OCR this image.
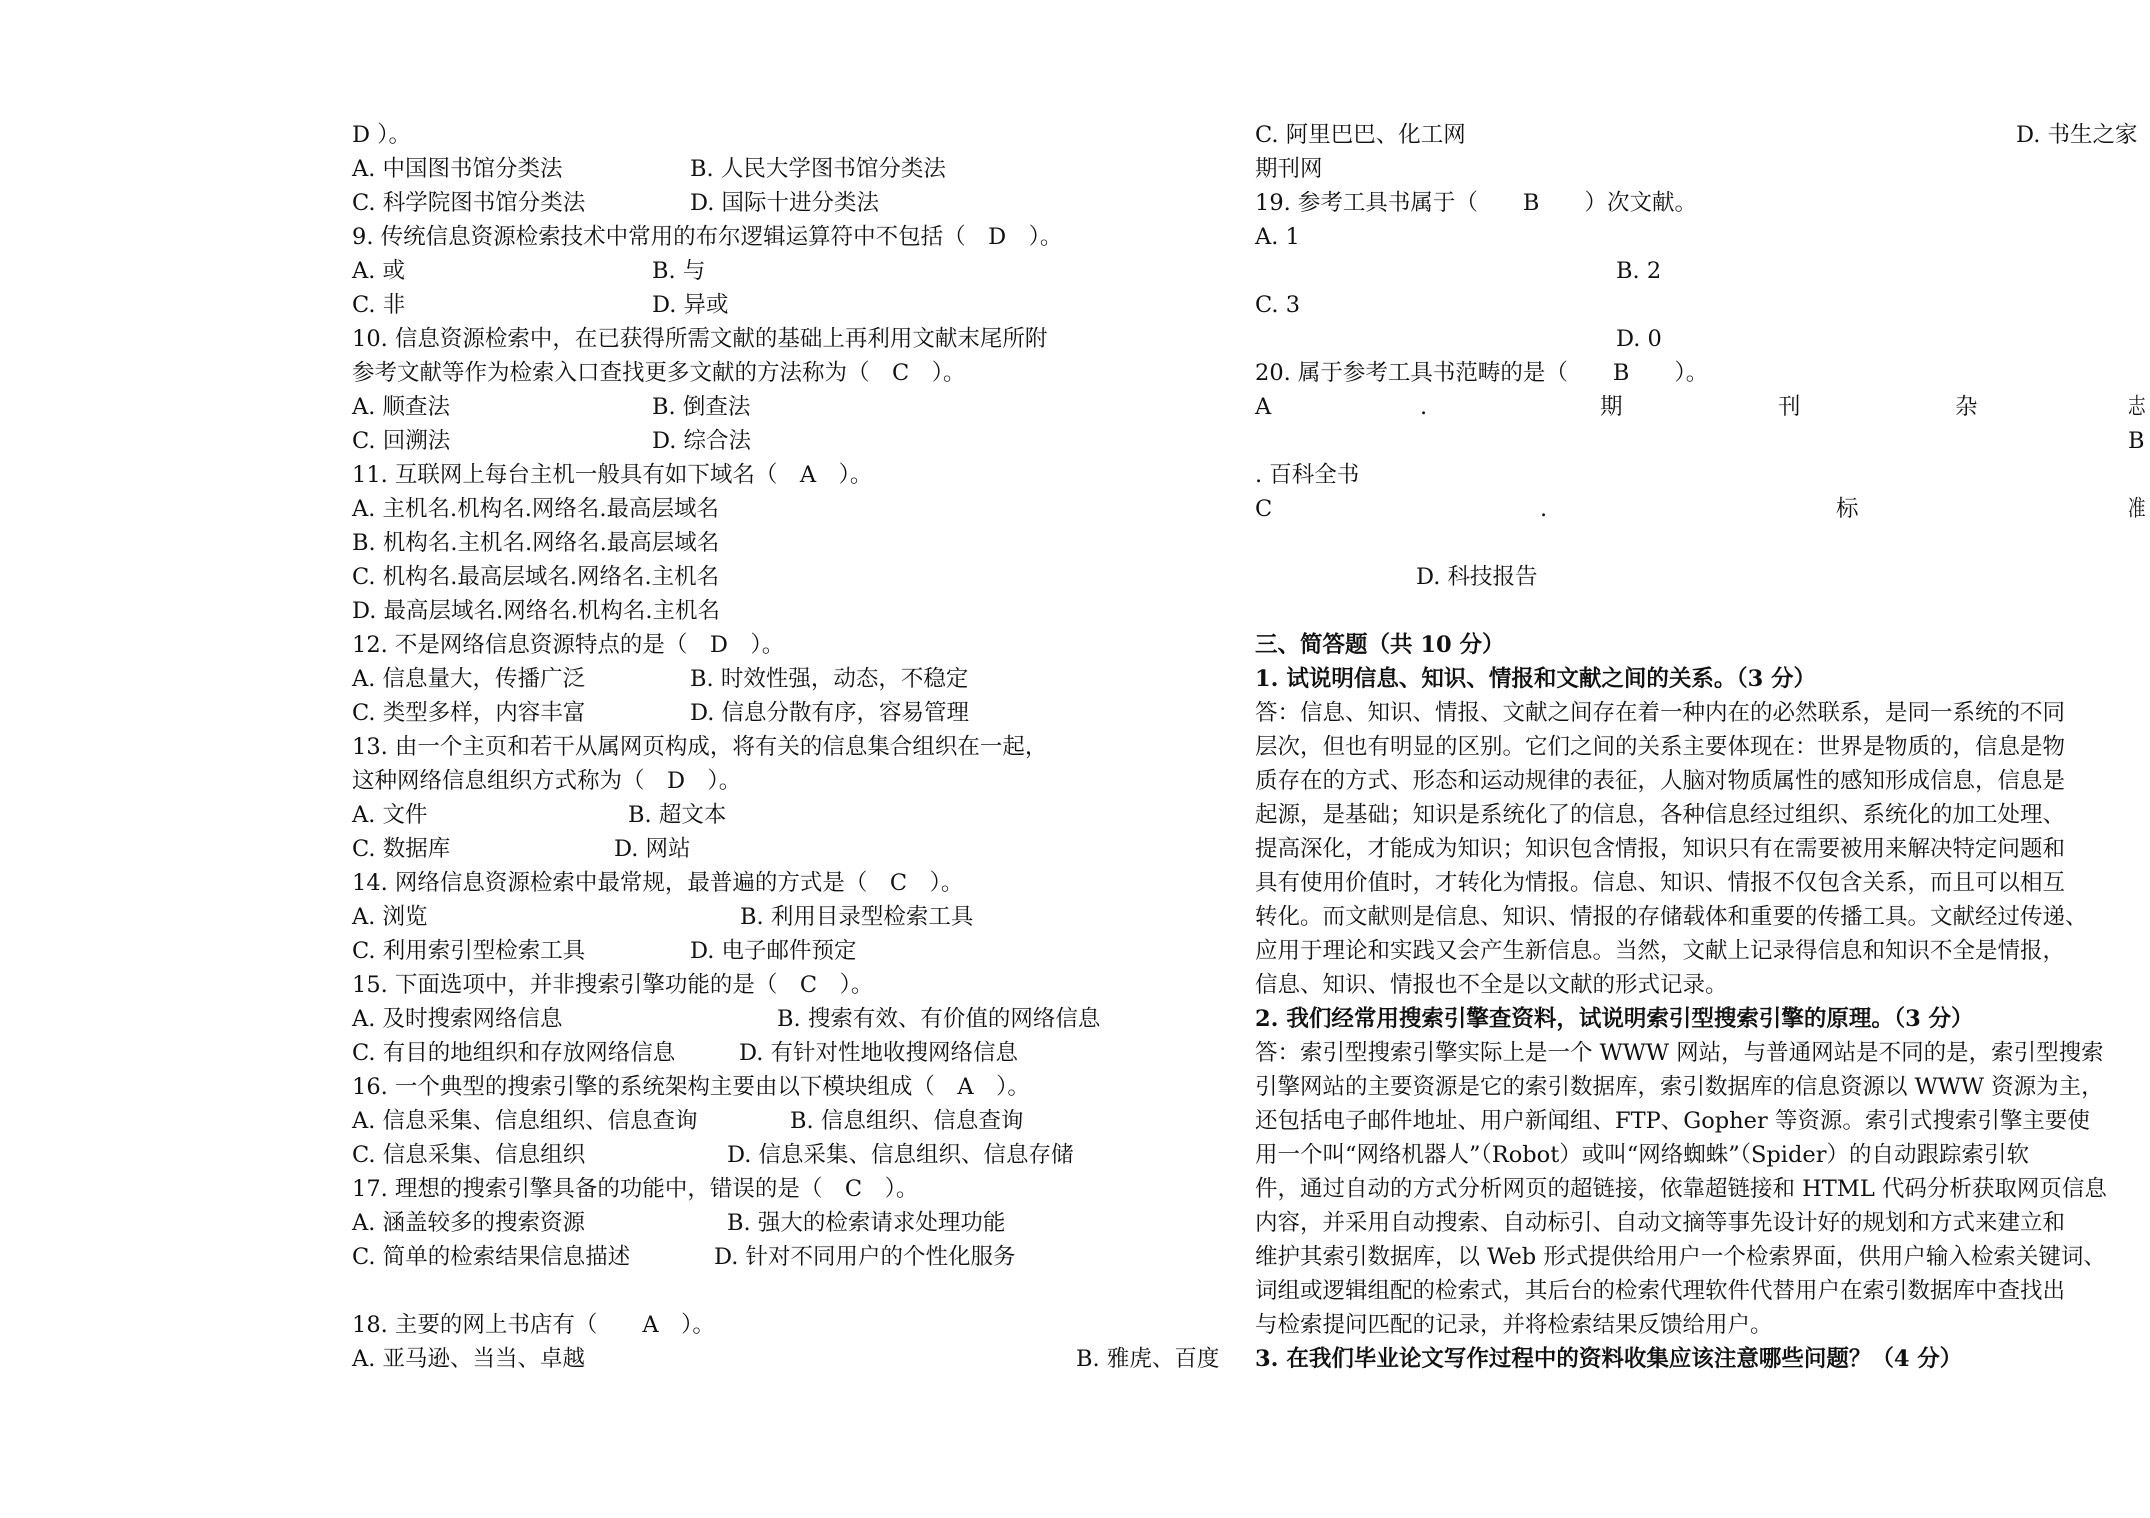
D ）。
A. 中国图书馆分类法	B. 人民大学图书馆分类法
C. 科学院图书馆分类法	D. 国际十进分类法
9. 传统信息资源检索技术中常用的布尔逻辑运算符中不包括（　D　）。
A. 或	B. 与
C. 非	D. 异或
10. 信息资源检索中，在已获得所需文献的基础上再利用文献末尾所附
参考文献等作为检索入口查找更多文献的方法称为（　C　）。
A. 顺查法	B. 倒查法
C. 回溯法	D. 综合法
11. 互联网上每台主机一般具有如下域名（　A　）。
A. 主机名.机构名.网络名.最高层域名
B. 机构名.主机名.网络名.最高层域名
C. 机构名.最高层域名.网络名.主机名
D. 最高层域名.网络名.机构名.主机名
12. 不是网络信息资源特点的是（　D　）。
A. 信息量大，传播广泛	B. 时效性强，动态，不稳定
C. 类型多样，内容丰富	D. 信息分散有序，容易管理
13. 由一个主页和若干从属网页构成，将有关的信息集合组织在一起，
这种网络信息组织方式称为（　D　）。
A. 文件	B. 超文本
C. 数据库	D. 网站
14. 网络信息资源检索中最常规，最普遍的方式是（　C　）。
A. 浏览	B. 利用目录型检索工具
C. 利用索引型检索工具	D. 电子邮件预定
15. 下面选项中，并非搜索引擎功能的是（　C　）。
A. 及时搜索网络信息	B. 搜索有效、有价值的网络信息
C. 有目的地组织和存放网络信息	D. 有针对性地收搜网络信息
16. 一个典型的搜索引擎的系统架构主要由以下模块组成（　A　）。
A. 信息采集、信息组织、信息查询	B. 信息组织、信息查询
C. 信息采集、信息组织	D. 信息采集、信息组织、信息存储
17. 理想的搜索引擎具备的功能中，错误的是（　C　）。
A. 涵盖较多的搜索资源	B. 强大的检索请求处理功能
C. 简单的检索结果信息描述	D. 针对不同用户的个性化服务
18. 主要的网上书店有（　　A　）。
A. 亚马逊、当当、卓越	B. 雅虎、百度
C. 阿里巴巴、化工网	D. 书生之家
期刊网
19. 参考工具书属于（　　B　　）次文献。
A. 1
B. 2
C. 3
D. 0
20. 属于参考工具书范畴的是（　　B　　）。
A	.	期	刊	杂	志
B
. 百科全书
C	.	标	准
D. 科技报告
三、简答题（共 10 分）
1. 试说明信息、知识、情报和文献之间的关系。（3 分）
答：信息、知识、情报、文献之间存在着一种内在的必然联系，是同一系统的不同
层次，但也有明显的区别。它们之间的关系主要体现在：世界是物质的，信息是物
质存在的方式、形态和运动规律的表征，人脑对物质属性的感知形成信息，信息是
起源，是基础；知识是系统化了的信息，各种信息经过组织、系统化的加工处理、
提高深化，才能成为知识；知识包含情报，知识只有在需要被用来解决特定问题和
具有使用价值时，才转化为情报。信息、知识、情报不仅包含关系，而且可以相互
转化。而文献则是信息、知识、情报的存储载体和重要的传播工具。文献经过传递、
应用于理论和实践又会产生新信息。当然，文献上记录得信息和知识不全是情报，
信息、知识、情报也不全是以文献的形式记录。
2. 我们经常用搜索引擎查资料，试说明索引型搜索引擎的原理。（3 分）
答：索引型搜索引擎实际上是一个 WWW 网站，与普通网站是不同的是，索引型搜索
引擎网站的主要资源是它的索引数据库，索引数据库的信息资源以 WWW 资源为主，
还包括电子邮件地址、用户新闻组、FTP、Gopher 等资源。索引式搜索引擎主要使
用一个叫“网络机器人”（Robot）或叫“网络蜘蛛”（Spider）的自动跟踪索引软
件，通过自动的方式分析网页的超链接，依靠超链接和 HTML 代码分析获取网页信息
内容，并采用自动搜索、自动标引、自动文摘等事先设计好的规划和方式来建立和
维护其索引数据库，以 Web 形式提供给用户一个检索界面，供用户输入检索关键词、
词组或逻辑组配的检索式，其后台的检索代理软件代替用户在索引数据库中查找出
与检索提问匹配的记录，并将检索结果反馈给用户。
3. 在我们毕业论文写作过程中的资料收集应该注意哪些问题？（4 分）
